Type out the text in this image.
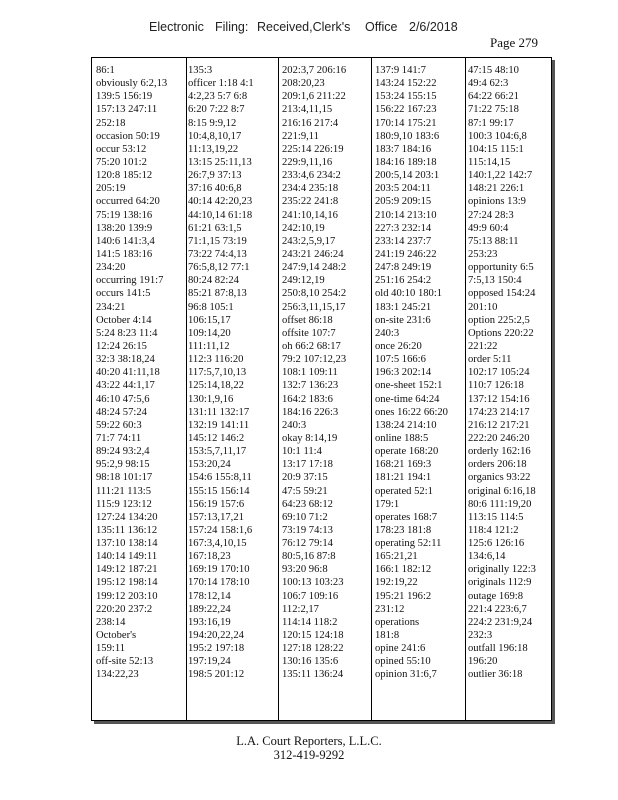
Electronic Filing: Received,Clerk's Office 2/6/2018
Page 279
86:1
obviously 6:2,13
139:5 156:19
157:13 247:11
252:18
occasion 50:19
occur 53:12
75:20 101:2
120:8 185:12
205:19
occurred 64:20
75:19 138:16
138:20 139:9
140:6 141:3,4
141:5 183:16
234:20
occurring 191:7
occurs 141:5
234:21
October 4:14
5:24 8:23 11:4
12:24 26:15
32:3 38:18,24
40:20 41:11,18
43:22 44:1,17
46:10 47:5,6
48:24 57:24
59:22 60:3
71:7 74:11
89:24 93:2,4
95:2,9 98:15
98:18 101:17
111:21 113:5
115:9 123:12
127:24 134:20
135:11 136:12
137:10 138:14
140:14 149:11
149:12 187:21
195:12 198:14
199:12 203:10
220:20 237:2
238:14
October's
159:11
off-site 52:13
134:22,23
135:3
officer 1:18 4:1
4:2,23 5:7 6:8
6:20 7:22 8:7
8:15 9:9,12
10:4,8,10,17
11:13,19,22
13:15 25:11,13
26:7,9 37:13
37:16 40:6,8
40:14 42:20,23
44:10,14 61:18
61:21 63:1,5
71:1,15 73:19
73:22 74:4,13
76:5,8,12 77:1
80:24 82:24
85:21 87:8,13
96:8 105:1
106:15,17
109:14,20
111:11,12
112:3 116:20
117:5,7,10,13
125:14,18,22
130:1,9,16
131:11 132:17
132:19 141:11
145:12 146:2
153:5,7,11,17
153:20,24
154:6 155:8,11
155:15 156:14
156:19 157:6
157:13,17,21
157:24 158:1,6
167:3,4,10,15
167:18,23
169:19 170:10
170:14 178:10
178:12,14
189:22,24
193:16,19
194:20,22,24
195:2 197:18
197:19,24
198:5 201:12
202:3,7 206:16
208:20,23
209:1,6 211:22
213:4,11,15
216:16 217:4
221:9,11
225:14 226:19
229:9,11,16
233:4,6 234:2
234:4 235:18
235:22 241:8
241:10,14,16
242:10,19
243:2,5,9,17
243:21 246:24
247:9,14 248:2
249:12,19
250:8,10 254:2
256:3,11,15,17
offset 86:18
offsite 107:7
oh 66:2 68:17
79:2 107:12,23
108:1 109:11
132:7 136:23
164:2 183:6
184:16 226:3
240:3
okay 8:14,19
10:1 11:4
13:17 17:18
20:9 37:15
47:5 59:21
64:23 68:12
69:10 71:2
73:19 74:13
76:12 79:14
80:5,16 87:8
93:20 96:8
100:13 103:23
106:7 109:16
112:2,17
114:14 118:2
120:15 124:18
127:18 128:22
130:16 135:6
135:11 136:24
137:9 141:7
143:24 152:22
153:24 155:15
156:22 167:23
170:14 175:21
180:9,10 183:6
183:7 184:16
184:16 189:18
200:5,14 203:1
203:5 204:11
205:9 209:15
210:14 213:10
227:3 232:14
233:14 237:7
241:19 246:22
247:8 249:19
251:16 254:2
old 40:10 180:1
183:1 245:21
on-site 231:6
240:3
once 26:20
107:5 166:6
196:3 202:14
one-sheet 152:1
one-time 64:24
ones 16:22 66:20
138:24 214:10
online 188:5
operate 168:20
168:21 169:3
181:21 194:1
operated 52:1
179:1
operates 168:7
178:23 181:8
operating 52:11
165:21,21
166:1 182:12
192:19,22
195:21 196:2
231:12
operations
181:8
opine 241:6
opined 55:10
opinion 31:6,7
47:15 48:10
49:4 62:3
64:22 66:21
71:22 75:18
87:1 99:17
100:3 104:6,8
104:15 115:1
115:14,15
140:1,22 142:7
148:21 226:1
opinions 13:9
27:24 28:3
49:9 60:4
75:13 88:11
253:23
opportunity 6:5
7:5,13 150:4
opposed 154:24
201:10
option 225:2,5
Options 220:22
221:22
order 5:11
102:17 105:24
110:7 126:18
137:12 154:16
174:23 214:17
216:12 217:21
222:20 246:20
orderly 162:16
orders 206:18
organics 93:22
original 6:16,18
80:6 111:19,20
113:15 114:5
118:4 121:2
125:6 126:16
134:6,14
originally 122:3
originals 112:9
outage 169:8
221:4 223:6,7
224:2 231:9,24
232:3
outfall 196:18
196:20
outlier 36:18
L.A. Court Reporters, L.L.C.
312-419-9292
